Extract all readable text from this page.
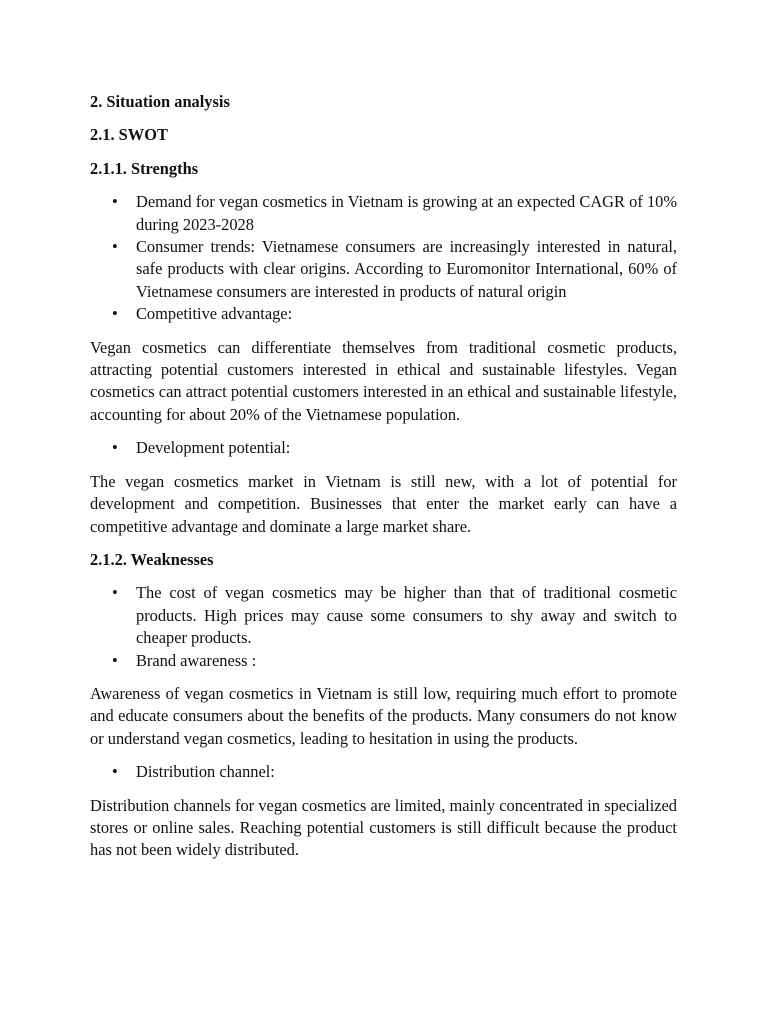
2. Situation analysis
2.1. SWOT
2.1.1. Strengths
• Demand for vegan cosmetics in Vietnam is growing at an expected CAGR of 10% during 2023-2028
• Consumer trends: Vietnamese consumers are increasingly interested in natural, safe products with clear origins. According to Euromonitor International, 60% of Vietnamese consumers are interested in products of natural origin
• Competitive advantage:

Vegan cosmetics can differentiate themselves from traditional cosmetic products, attracting potential customers interested in ethical and sustainable lifestyles. Vegan cosmetics can attract potential customers interested in an ethical and sustainable lifestyle, accounting for about 20% of the Vietnamese population.

• Development potential:

The vegan cosmetics market in Vietnam is still new, with a lot of potential for development and competition. Businesses that enter the market early can have a competitive advantage and dominate a large market share.

2.1.2. Weaknesses
• The cost of vegan cosmetics may be higher than that of traditional cosmetic products. High prices may cause some consumers to shy away and switch to cheaper products.
• Brand awareness :

Awareness of vegan cosmetics in Vietnam is still low, requiring much effort to promote and educate consumers about the benefits of the products. Many consumers do not know or understand vegan cosmetics, leading to hesitation in using the products.

• Distribution channel:

Distribution channels for vegan cosmetics are limited, mainly concentrated in specialized stores or online sales. Reaching potential customers is still difficult because the product has not been widely distributed.
